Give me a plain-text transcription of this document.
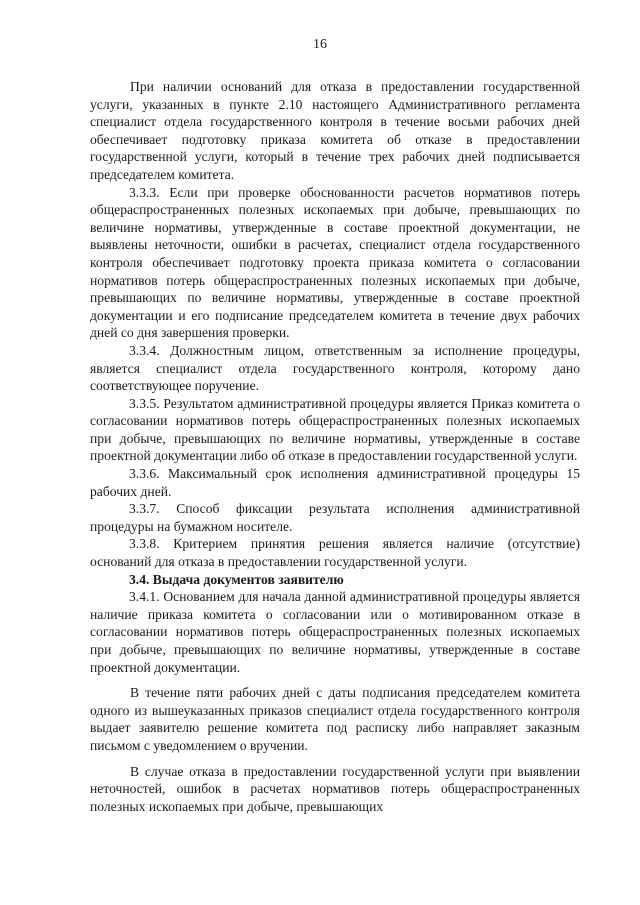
16

При наличии оснований для отказа в предоставлении государственной услуги, указанных в пункте 2.10 настоящего Административного регламента специалист отдела государственного контроля в течение восьми рабочих дней обеспечивает подготовку приказа комитета об отказе в предоставлении государственной услуги, который в течение трех рабочих дней подписывается председателем комитета.

3.3.3. Если при проверке обоснованности расчетов нормативов потерь общераспространенных полезных ископаемых при добыче, превышающих по величине нормативы, утвержденные в составе проектной документации, не выявлены неточности, ошибки в расчетах, специалист отдела государственного контроля обеспечивает подготовку проекта приказа комитета о согласовании нормативов потерь общераспространенных полезных ископаемых при добыче, превышающих по величине нормативы, утвержденные в составе проектной документации и его подписание председателем комитета в течение двух рабочих дней со дня завершения проверки.

3.3.4. Должностным лицом, ответственным за исполнение процедуры, является специалист отдела государственного контроля, которому дано соответствующее поручение.

3.3.5. Результатом административной процедуры является Приказ комитета о согласовании нормативов потерь общераспространенных полезных ископаемых при добыче, превышающих по величине нормативы, утвержденные в составе проектной документации либо об отказе в предоставлении государственной услуги.

3.3.6. Максимальный срок исполнения административной процедуры 15 рабочих дней.

3.3.7. Способ фиксации результата исполнения административной процедуры на бумажном носителе.

3.3.8. Критерием принятия решения является наличие (отсутствие) оснований для отказа в предоставлении государственной услуги.

3.4. Выдача документов заявителю

3.4.1. Основанием для начала данной административной процедуры является наличие приказа комитета о согласовании или о мотивированном отказе в согласовании нормативов потерь общераспространенных полезных ископаемых при добыче, превышающих по величине нормативы, утвержденные в составе проектной документации.

В течение пяти рабочих дней с даты подписания председателем комитета одного из вышеуказанных приказов специалист отдела государственного контроля выдает заявителю решение комитета под расписку либо направляет заказным письмом с уведомлением о вручении.

В случае отказа в предоставлении государственной услуги при выявлении неточностей, ошибок в расчетах нормативов потерь общераспространенных полезных ископаемых при добыче, превышающих
